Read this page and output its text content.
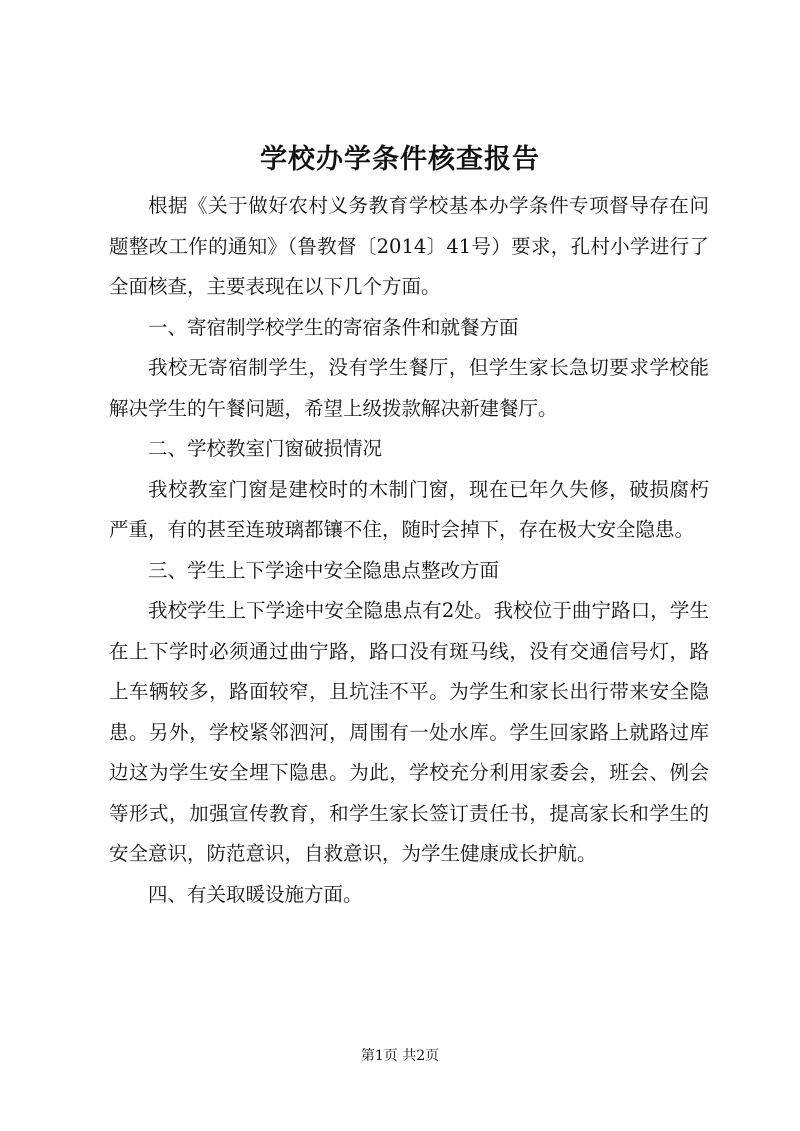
学校办学条件核查报告

根据《关于做好农村义务教育学校基本办学条件专项督导存在问题整改工作的通知》（鲁教督〔2014〕41号）要求，孔村小学进行了全面核查，主要表现在以下几个方面。

一、寄宿制学校学生的寄宿条件和就餐方面

我校无寄宿制学生，没有学生餐厅，但学生家长急切要求学校能解决学生的午餐问题，希望上级拨款解决新建餐厅。

二、学校教室门窗破损情况

我校教室门窗是建校时的木制门窗，现在已年久失修，破损腐朽严重，有的甚至连玻璃都镶不住，随时会掉下，存在极大安全隐患。

三、学生上下学途中安全隐患点整改方面

我校学生上下学途中安全隐患点有2处。我校位于曲宁路口，学生在上下学时必须通过曲宁路，路口没有斑马线，没有交通信号灯，路上车辆较多，路面较窄，且坑洼不平。为学生和家长出行带来安全隐患。另外，学校紧邻泗河，周围有一处水库。学生回家路上就路过库边这为学生安全埋下隐患。为此，学校充分利用家委会，班会、例会等形式，加强宣传教育，和学生家长签订责任书，提高家长和学生的安全意识，防范意识，自救意识，为学生健康成长护航。

四、有关取暖设施方面。

第1页 共2页
